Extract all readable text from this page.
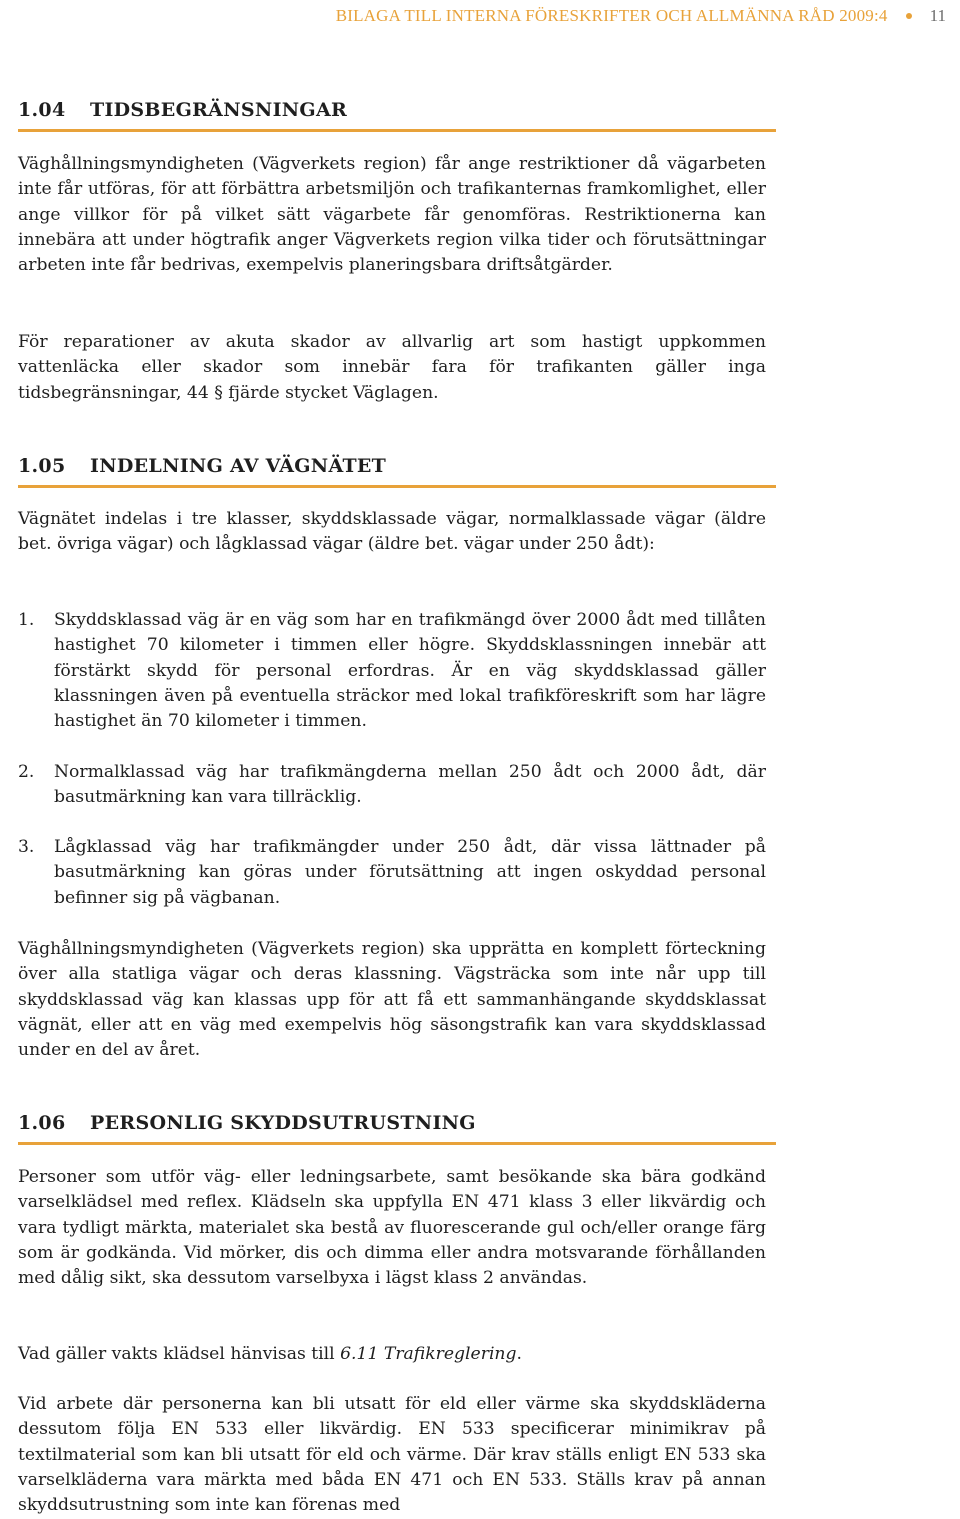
BILAGA TILL INTERNA FÖRESKRIFTER OCH ALLMÄNNA RÅD 2009:4 11
1.04 TIDSBEGRÄNSNINGAR

Väghållningsmyndigheten (Vägverkets region) får ange restriktioner då vägarbeten inte får utföras, för att förbättra arbetsmiljön och trafikanternas framkomlighet, eller ange villkor för på vilket sätt vägarbete får genomföras. Restriktionerna kan innebära att under högtrafik anger Vägverkets region vilka tider och förutsättningar arbeten inte får bedrivas, exempelvis planeringsbara driftsåtgärder.

För reparationer av akuta skador av allvarlig art som hastigt uppkommen vattenläcka eller skador som innebär fara för trafikanten gäller inga tidsbegränsningar, 44 § fjärde stycket Väglagen.

1.05 INDELNING AV VÄGNÄTET

Vägnätet indelas i tre klasser, skyddsklassade vägar, normalklassade vägar (äldre bet. övriga vägar) och lågklassad vägar (äldre bet. vägar under 250 ådt):

1.	Skyddsklassad väg är en väg som har en trafikmängd över 2000 ådt med tillåten hastighet 70 kilometer i timmen eller högre. Skyddsklassningen innebär att förstärkt skydd för personal erfordras. Är en väg skyddsklassad gäller klassningen även på eventuella sträckor med lokal trafikföreskrift som har lägre hastighet än 70 kilometer i timmen.
2.	Normalklassad väg har trafikmängderna mellan 250 ådt och 2000 ådt, där basutmärkning kan vara tillräcklig.
3.	Lågklassad väg har trafikmängder under 250 ådt, där vissa lättnader på basutmärkning kan göras under förutsättning att ingen oskyddad personal befinner sig på vägbanan.

Väghållningsmyndigheten (Vägverkets region) ska upprätta en komplett förteckning över alla statliga vägar och deras klassning. Vägsträcka som inte når upp till skyddsklassad väg kan klassas upp för att få ett sammanhängande skyddsklassat vägnät, eller att en väg med exempelvis hög säsongstrafik kan vara skyddsklassad under en del av året.

1.06 PERSONLIG SKYDDSUTRUSTNING

Personer som utför väg- eller ledningsarbete, samt besökande ska bära godkänd varselklädsel med reflex. Klädseln ska uppfylla EN 471 klass 3 eller likvärdig och vara tydligt märkta, materialet ska bestå av fluorescerande gul och/eller orange färg som är godkända. Vid mörker, dis och dimma eller andra motsvarande förhållanden med dålig sikt, ska dessutom varselbyxa i lägst klass 2 användas.

Vad gäller vakts klädsel hänvisas till 6.11 Trafikreglering.

Vid arbete där personerna kan bli utsatt för eld eller värme ska skyddskläderna dessutom följa EN 533 eller likvärdig. EN 533 specificerar minimikrav på textilmaterial som kan bli utsatt för eld och värme. Där krav ställs enligt EN 533 ska varselkläderna vara märkta med båda EN 471 och EN 533. Ställs krav på annan skyddsutrustning som inte kan förenas med
